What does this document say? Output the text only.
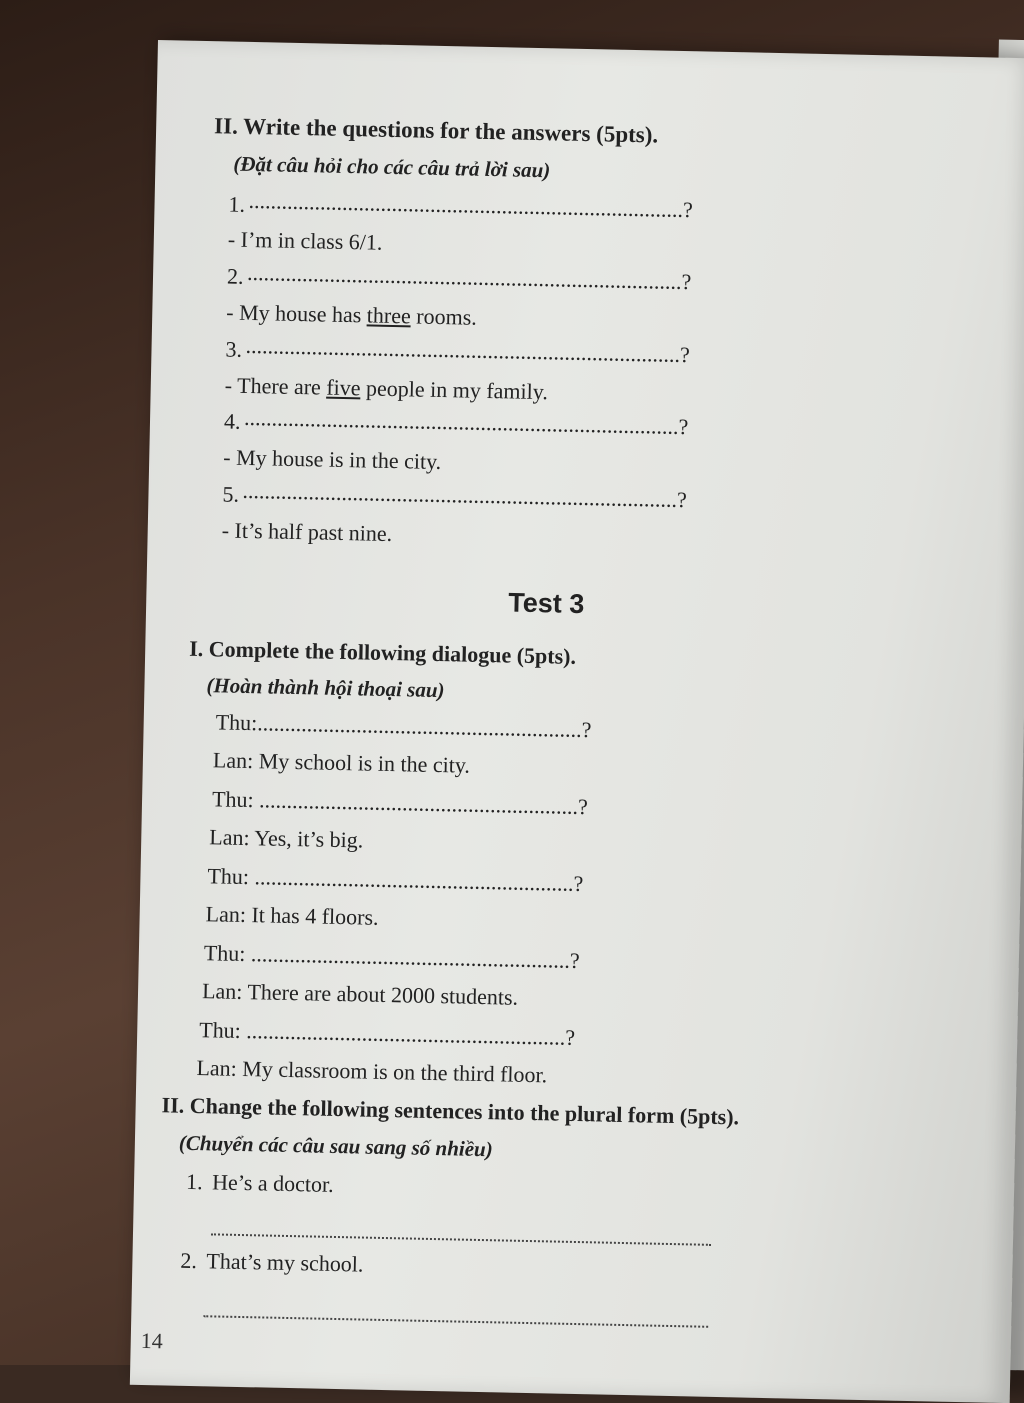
II. Write the questions for the answers (5pts).
(Đặt câu hỏi cho các câu trả lời sau)
1. ...............................................................................?
- I’m in class 6/1.
2. ...............................................................................?
- My house has three rooms.
3. ...............................................................................?
- There are five people in my family.
4. ...............................................................................?
- My house is in the city.
5. ...............................................................................?
- It’s half past nine.
Test 3
I. Complete the following dialogue (5pts).
(Hoàn thành hội thoại sau)
Thu:...........................................................?
Lan: My school is in the city.
Thu: ..........................................................?
Lan: Yes, it’s big.
Thu: ..........................................................?
Lan: It has 4 floors.
Thu: ..........................................................?
Lan: There are about 2000 students.
Thu: ..........................................................?
Lan: My classroom is on the third floor.
II. Change the following sentences into the plural form (5pts).
(Chuyển các câu sau sang số nhiều)
1. He’s a doctor.
2. That’s my school.
14
